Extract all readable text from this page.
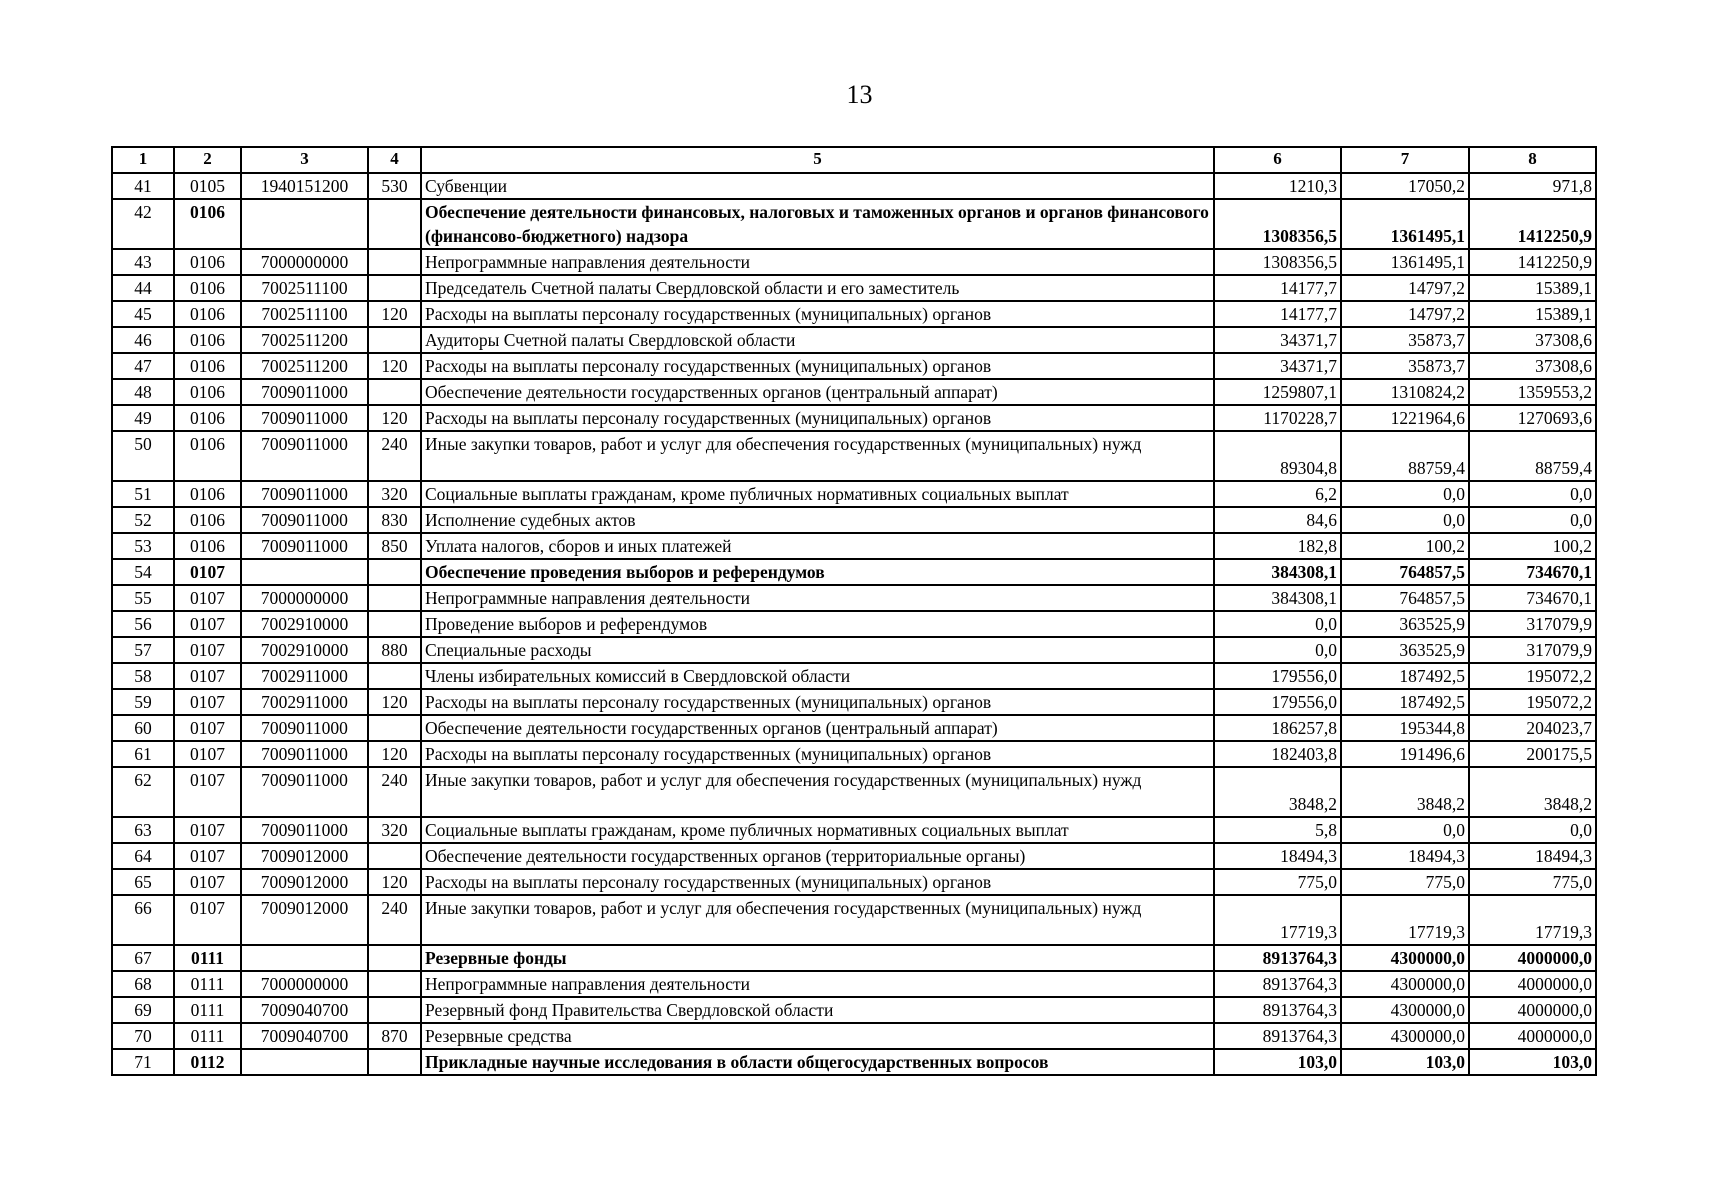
13
1	2	3	4	5	6	7	8
41	0105	1940151200	530	Субвенции	1210,3	17050,2	971,8
42	0106			Обеспечение деятельности финансовых, налоговых и таможенных органов и органов финансового (финансово-бюджетного) надзора	1308356,5	1361495,1	1412250,9
43	0106	7000000000		Непрограммные направления деятельности	1308356,5	1361495,1	1412250,9
44	0106	7002511100		Председатель Счетной палаты Свердловской области и его заместитель	14177,7	14797,2	15389,1
45	0106	7002511100	120	Расходы на выплаты персоналу государственных (муниципальных) органов	14177,7	14797,2	15389,1
46	0106	7002511200		Аудиторы Счетной палаты Свердловской области	34371,7	35873,7	37308,6
47	0106	7002511200	120	Расходы на выплаты персоналу государственных (муниципальных) органов	34371,7	35873,7	37308,6
48	0106	7009011000		Обеспечение деятельности государственных органов (центральный аппарат)	1259807,1	1310824,2	1359553,2
49	0106	7009011000	120	Расходы на выплаты персоналу государственных (муниципальных) органов	1170228,7	1221964,6	1270693,6
50	0106	7009011000	240	Иные закупки товаров, работ и услуг для обеспечения государственных (муниципальных) нужд	89304,8	88759,4	88759,4
51	0106	7009011000	320	Социальные выплаты гражданам, кроме публичных нормативных социальных выплат	6,2	0,0	0,0
52	0106	7009011000	830	Исполнение судебных актов	84,6	0,0	0,0
53	0106	7009011000	850	Уплата налогов, сборов и иных платежей	182,8	100,2	100,2
54	0107			Обеспечение проведения выборов и референдумов	384308,1	764857,5	734670,1
55	0107	7000000000		Непрограммные направления деятельности	384308,1	764857,5	734670,1
56	0107	7002910000		Проведение выборов и референдумов	0,0	363525,9	317079,9
57	0107	7002910000	880	Специальные расходы	0,0	363525,9	317079,9
58	0107	7002911000		Члены избирательных комиссий в Свердловской области	179556,0	187492,5	195072,2
59	0107	7002911000	120	Расходы на выплаты персоналу государственных (муниципальных) органов	179556,0	187492,5	195072,2
60	0107	7009011000		Обеспечение деятельности государственных органов (центральный аппарат)	186257,8	195344,8	204023,7
61	0107	7009011000	120	Расходы на выплаты персоналу государственных (муниципальных) органов	182403,8	191496,6	200175,5
62	0107	7009011000	240	Иные закупки товаров, работ и услуг для обеспечения государственных (муниципальных) нужд	3848,2	3848,2	3848,2
63	0107	7009011000	320	Социальные выплаты гражданам, кроме публичных нормативных социальных выплат	5,8	0,0	0,0
64	0107	7009012000		Обеспечение деятельности государственных органов (территориальные органы)	18494,3	18494,3	18494,3
65	0107	7009012000	120	Расходы на выплаты персоналу государственных (муниципальных) органов	775,0	775,0	775,0
66	0107	7009012000	240	Иные закупки товаров, работ и услуг для обеспечения государственных (муниципальных) нужд	17719,3	17719,3	17719,3
67	0111			Резервные фонды	8913764,3	4300000,0	4000000,0
68	0111	7000000000		Непрограммные направления деятельности	8913764,3	4300000,0	4000000,0
69	0111	7009040700		Резервный фонд Правительства Свердловской области	8913764,3	4300000,0	4000000,0
70	0111	7009040700	870	Резервные средства	8913764,3	4300000,0	4000000,0
71	0112			Прикладные научные исследования в области общегосударственных вопросов	103,0	103,0	103,0
